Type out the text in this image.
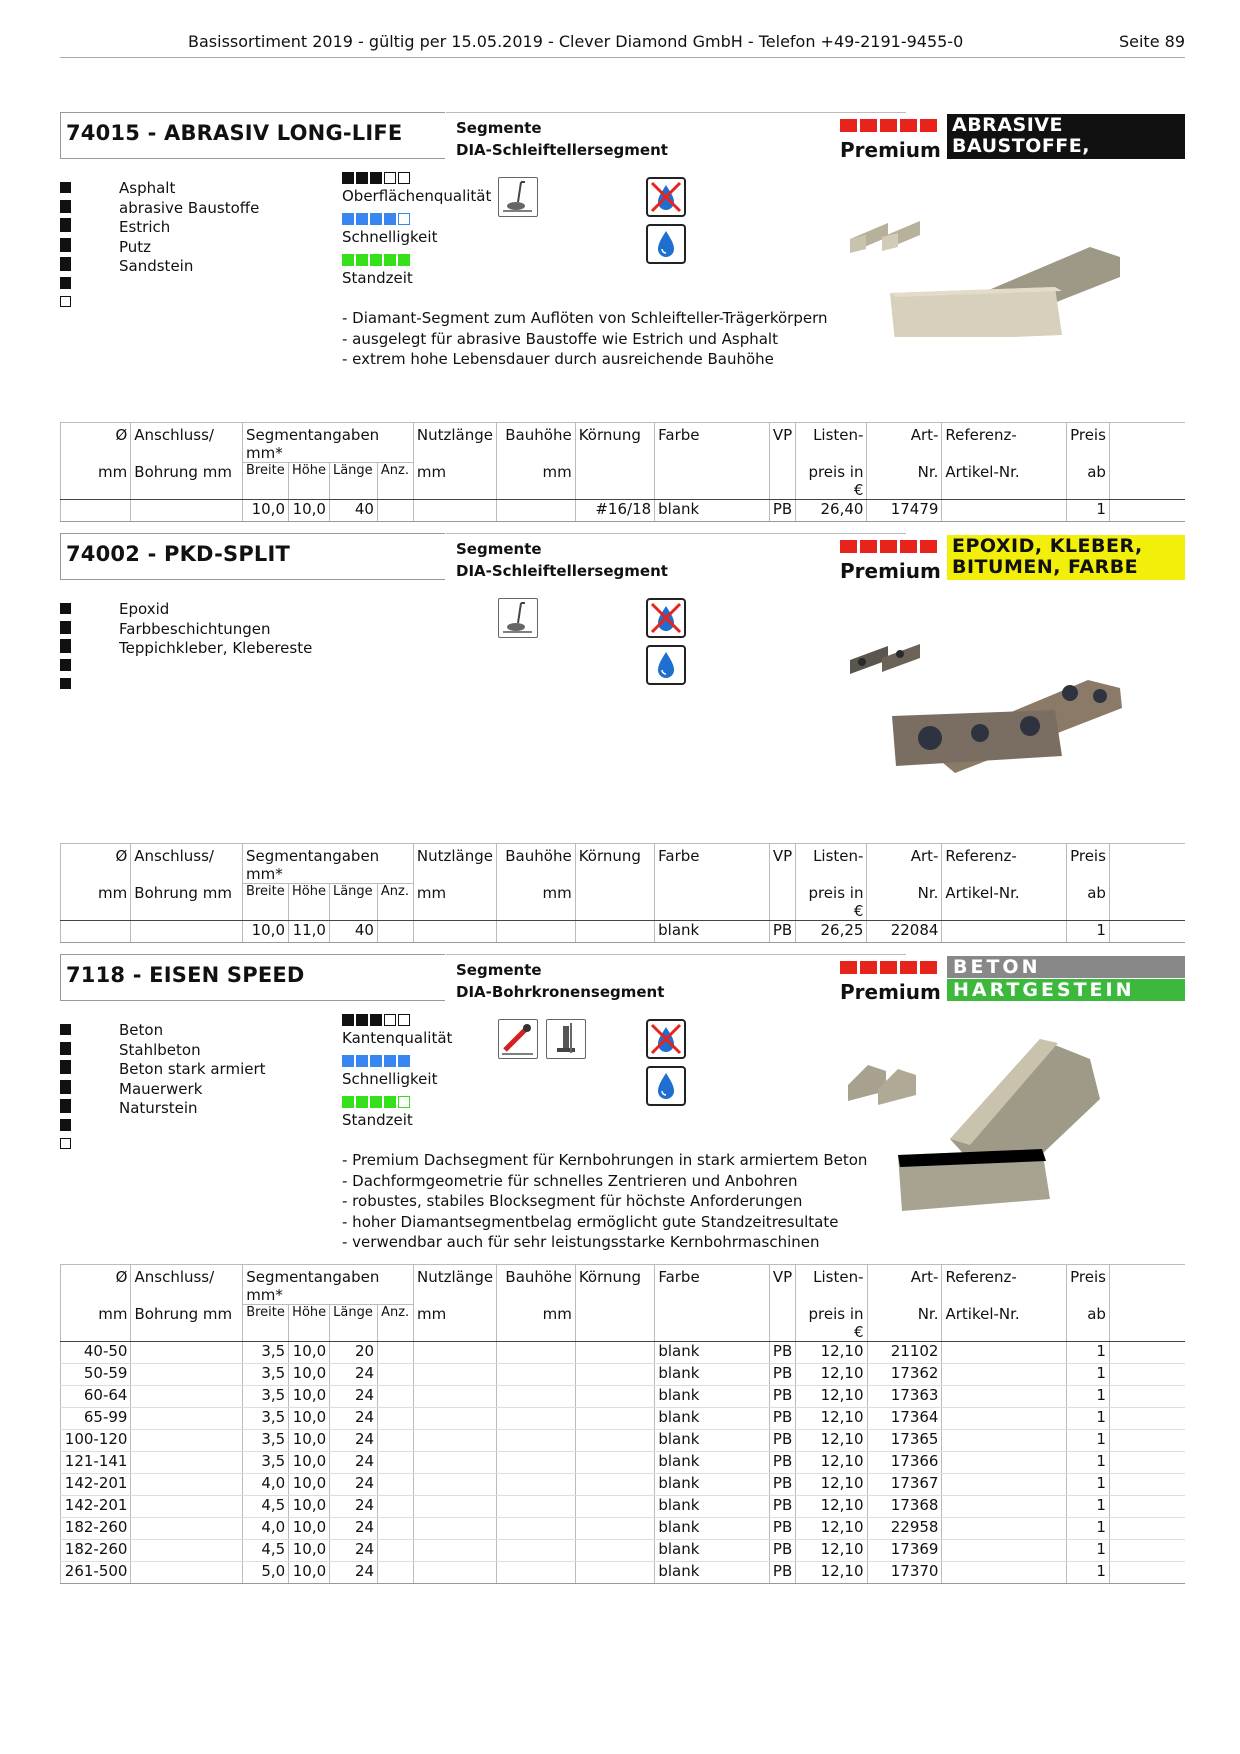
Basissortiment 2019 - gültig per 15.05.2019 - Clever Diamond GmbH - Telefon +49-2191-9455-0	Seite 89
74015 - ABRASIV LONG-LIFE	Segmente
DIA-Schleiftellersegment	Premium
ABRASIVE BAUSTOFFE,
ASPHALT
Asphalt
abrasive Baustoffe
Estrich
Putz
Sandstein
Oberflächenqualität
Schnelligkeit
Standzeit
- Diamant-Segment zum Auflöten von Schleifteller-Trägerkörpern
- ausgelegt für abrasive Baustoffe wie Estrich und Asphalt
- extrem hohe Lebensdauer durch ausreichende Bauhöhe
Ø	Anschluss/	Segmentangaben mm*				Nutzlänge	Bauhöhe	Körnung	Farbe	VP	Listen-	Art-	Referenz-	Preis	
mm	Bohrung mm	Breite	Höhe	Länge	Anz.	mm	mm				preis in €	Nr.	Artikel-Nr.	ab	
		10,0	10,0	40				#16/18	blank	PB	26,40	17479		1	
74002 - PKD-SPLIT	Segmente
DIA-Schleiftellersegment	Premium
EPOXID, KLEBER,
BITUMEN, FARBE
Epoxid
Farbbeschichtungen
Teppichkleber, Klebereste
Ø	Anschluss/	Segmentangaben mm*				Nutzlänge	Bauhöhe	Körnung	Farbe	VP	Listen-	Art-	Referenz-	Preis	
mm	Bohrung mm	Breite	Höhe	Länge	Anz.	mm	mm				preis in €	Nr.	Artikel-Nr.	ab	
		10,0	11,0	40					blank	PB	26,25	22084		1	
7118 - EISEN SPEED	Segmente
DIA-Bohrkronensegment	Premium
BETON
HARTGESTEIN
Beton
Stahlbeton
Beton stark armiert
Mauerwerk
Naturstein
Kantenqualität
Schnelligkeit
Standzeit
- Premium Dachsegment für Kernbohrungen in stark armiertem Beton
- Dachformgeometrie für schnelles Zentrieren und Anbohren
- robustes, stabiles Blocksegment für höchste Anforderungen
- hoher Diamantsegmentbelag ermöglicht gute Standzeitresultate
- verwendbar auch für sehr leistungsstarke Kernbohrmaschinen
Ø	Anschluss/	Segmentangaben mm*				Nutzlänge	Bauhöhe	Körnung	Farbe	VP	Listen-	Art-	Referenz-	Preis	
mm	Bohrung mm	Breite	Höhe	Länge	Anz.	mm	mm				preis in €	Nr.	Artikel-Nr.	ab	
40-50		3,5	10,0	20					blank	PB	12,10	21102		1	
50-59		3,5	10,0	24					blank	PB	12,10	17362		1	
60-64		3,5	10,0	24					blank	PB	12,10	17363		1	
65-99		3,5	10,0	24					blank	PB	12,10	17364		1	
100-120		3,5	10,0	24					blank	PB	12,10	17365		1	
121-141		3,5	10,0	24					blank	PB	12,10	17366		1	
142-201		4,0	10,0	24					blank	PB	12,10	17367		1	
142-201		4,5	10,0	24					blank	PB	12,10	17368		1	
182-260		4,0	10,0	24					blank	PB	12,10	22958		1	
182-260		4,5	10,0	24					blank	PB	12,10	17369		1	
261-500		5,0	10,0	24					blank	PB	12,10	17370		1	
